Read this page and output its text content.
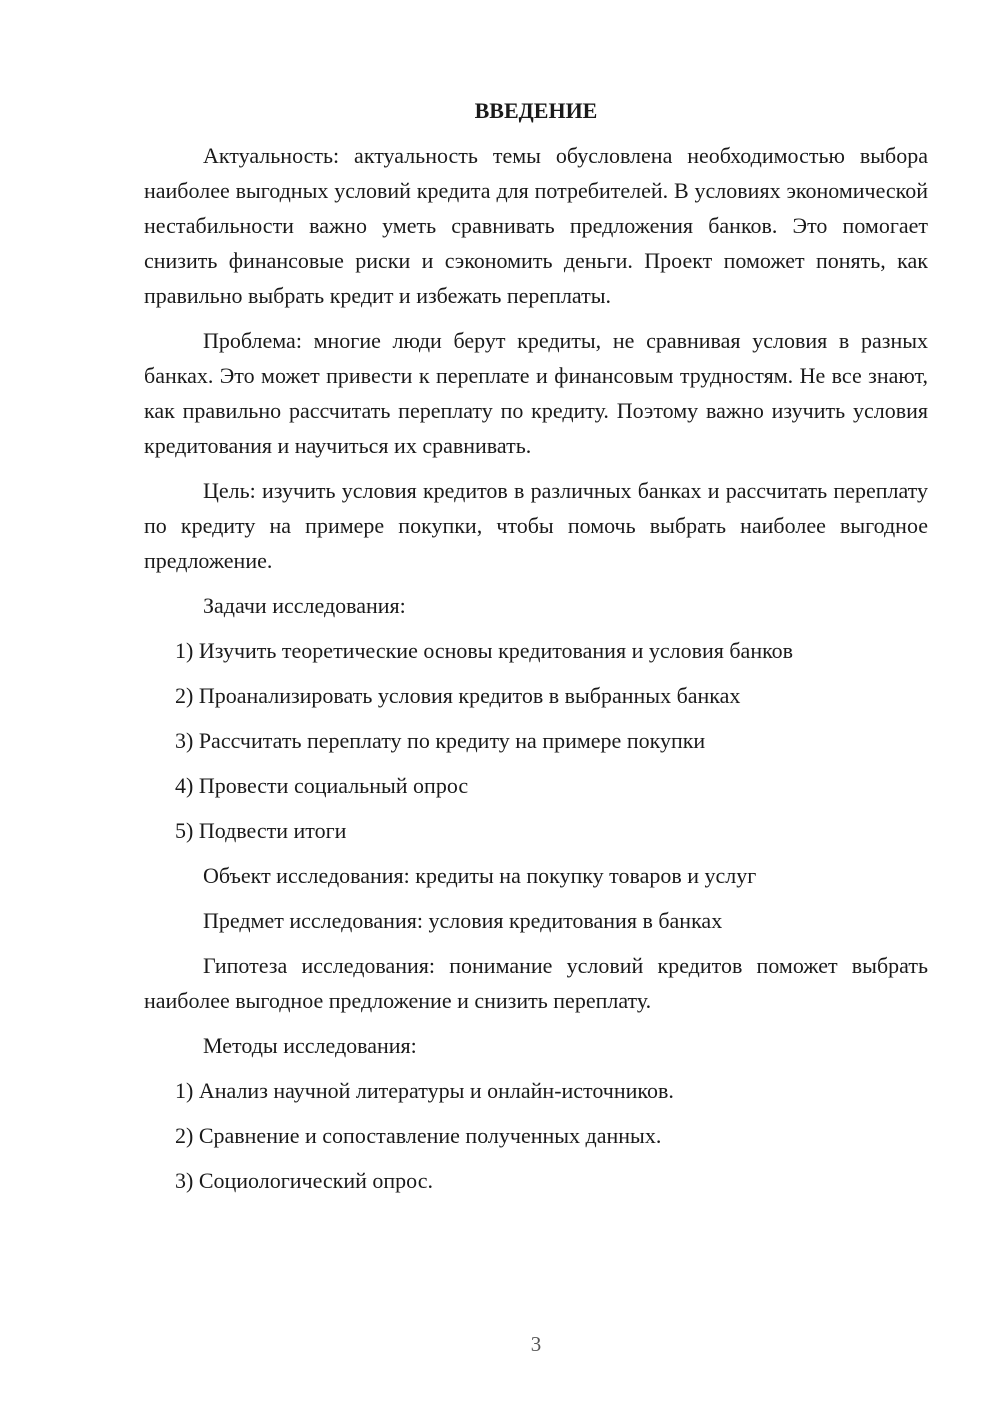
ВВЕДЕНИЕ

Актуальность: актуальность темы обусловлена необходимостью выбора наиболее выгодных условий кредита для потребителей. В условиях экономической нестабильности важно уметь сравнивать предложения банков. Это помогает снизить финансовые риски и сэкономить деньги. Проект поможет понять, как правильно выбрать кредит и избежать переплаты.

Проблема: многие люди берут кредиты, не сравнивая условия в разных банках. Это может привести к переплате и финансовым трудностям. Не все знают, как правильно рассчитать переплату по кредиту. Поэтому важно изучить условия кредитования и научиться их сравнивать.

Цель: изучить условия кредитов в различных банках и рассчитать переплату по кредиту на примере покупки, чтобы помочь выбрать наиболее выгодное предложение.

Задачи исследования:

1) Изучить теоретические основы кредитования и условия банков
2) Проанализировать условия кредитов в выбранных банках
3) Рассчитать переплату по кредиту на примере покупки
4) Провести социальный опрос
5) Подвести итоги

Объект исследования: кредиты на покупку товаров и услуг

Предмет исследования: условия кредитования в банках

Гипотеза исследования: понимание условий кредитов поможет выбрать наиболее выгодное предложение и снизить переплату.

Методы исследования:

1) Анализ научной литературы и онлайн-источников.
2) Сравнение и сопоставление полученных данных.
3) Социологический опрос.
3
